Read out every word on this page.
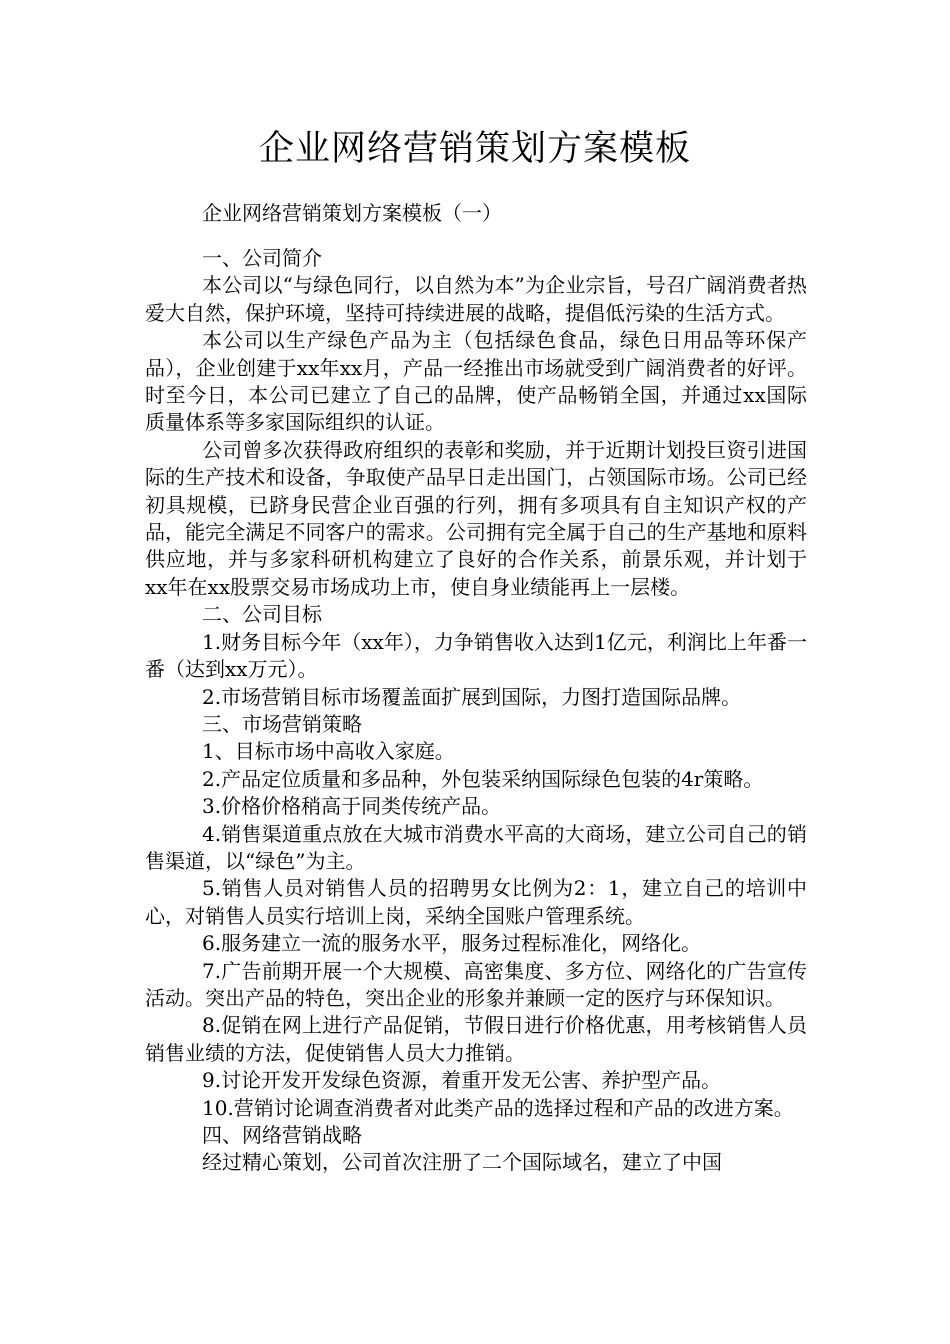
企业网络营销策划方案模板
企业网络营销策划方案模板（一）

一、公司简介

本公司以“与绿色同行，以自然为本”为企业宗旨，号召广阔消费者热爱大自然，保护环境，坚持可持续进展的战略，提倡低污染的生活方式。

本公司以生产绿色产品为主（包括绿色食品，绿色日用品等环保产品），企业创建于xx年xx月，产品一经推出市场就受到广阔消费者的好评。时至今日，本公司已建立了自己的品牌，使产品畅销全国，并通过xx国际质量体系等多家国际组织的认证。

公司曾多次获得政府组织的表彰和奖励，并于近期计划投巨资引进国际的生产技术和设备，争取使产品早日走出国门，占领国际市场。公司已经初具规模，已跻身民营企业百强的行列，拥有多项具有自主知识产权的产品，能完全满足不同客户的需求。公司拥有完全属于自己的生产基地和原料供应地，并与多家科研机构建立了良好的合作关系，前景乐观，并计划于xx年在xx股票交易市场成功上市，使自身业绩能再上一层楼。

二、公司目标

1.财务目标今年（xx年），力争销售收入达到1亿元，利润比上年番一番（达到xx万元）。

2.市场营销目标市场覆盖面扩展到国际，力图打造国际品牌。

三、市场营销策略

1、目标市场中高收入家庭。

2.产品定位质量和多品种，外包装采纳国际绿色包装的4r策略。

3.价格价格稍高于同类传统产品。

4.销售渠道重点放在大城市消费水平高的大商场，建立公司自己的销售渠道，以“绿色”为主。

5.销售人员对销售人员的招聘男女比例为2：1，建立自己的培训中心，对销售人员实行培训上岗，采纳全国账户管理系统。

6.服务建立一流的服务水平，服务过程标准化，网络化。

7.广告前期开展一个大规模、高密集度、多方位、网络化的广告宣传活动。突出产品的特色，突出企业的形象并兼顾一定的医疗与环保知识。

8.促销在网上进行产品促销，节假日进行价格优惠，用考核销售人员销售业绩的方法，促使销售人员大力推销。

9.讨论开发开发绿色资源，着重开发无公害、养护型产品。

10.营销讨论调查消费者对此类产品的选择过程和产品的改进方案。

四、网络营销战略

经过精心策划，公司首次注册了二个国际域名，建立了中国
